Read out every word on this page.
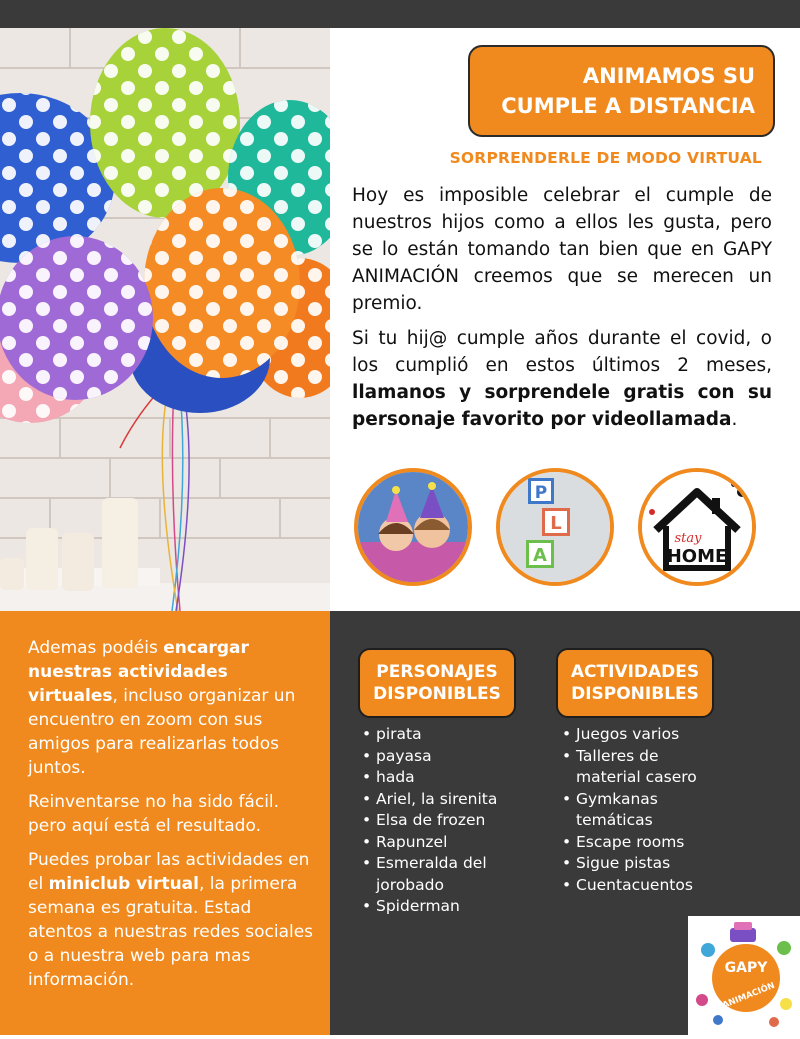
ANIMAMOS SU
CUMPLE A DISTANCIA
SORPRENDERLE DE MODO VIRTUAL

Hoy es imposible celebrar el cumple de nuestros hijos como a ellos les gusta, pero se lo están tomando tan bien que en GAPY ANIMACIÓN creemos que se merecen un premio.

Si tu hij@ cumple años durante el covid, o los cumplió en estos últimos 2 meses, llamanos y sorprendele gratis con su personaje favorito por videollamada.

P
L
A
stay
HOME

Ademas podéis encargar nuestras actividades virtuales, incluso organizar un encuentro en zoom con sus amigos para realizarlas todos juntos.

Reinventarse no ha sido fácil. pero aquí está el resultado.

Puedes probar las actividades en el miniclub virtual, la primera semana es gratuita. Estad atentos a nuestras redes sociales o a nuestra web para mas información.

PERSONAJES
DISPONIBLES
• pirata
• payasa
• hada
• Ariel, la sirenita
• Elsa de frozen
• Rapunzel
• Esmeralda del jorobado
• Spiderman
ACTIVIDADES
DISPONIBLES
• Juegos varios
• Talleres de material casero
• Gymkanas temáticas
• Escape rooms
• Sigue pistas
• Cuentacuentos
GAPY
ANIMACIÓN
